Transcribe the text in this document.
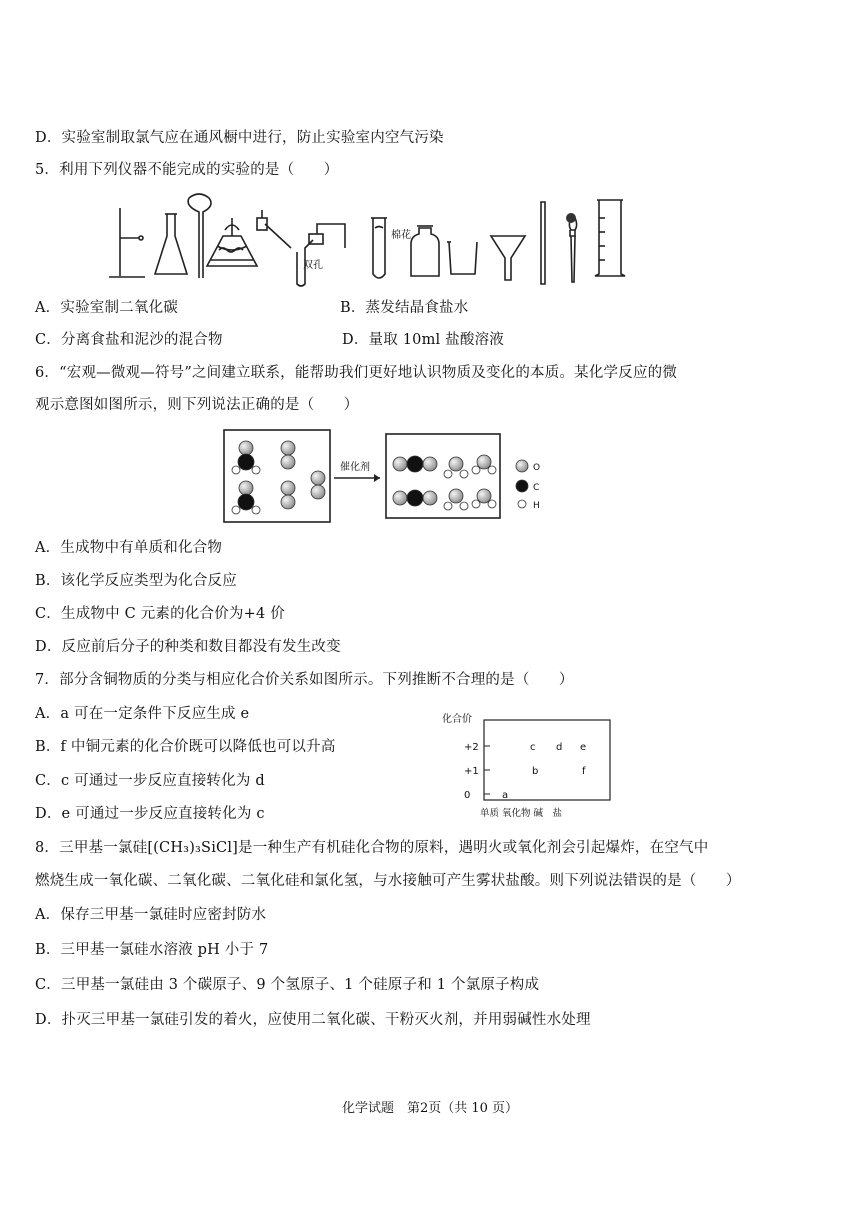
D．实验室制取氯气应在通风橱中进行，防止实验室内空气污染
5．利用下列仪器不能完成的实验的是（　　）
棉花
双孔
A．实验室制二氧化碳	B．蒸发结晶食盐水
C．分离食盐和泥沙的混合物	D．量取 10ml 盐酸溶液
6．“宏观—微观—符号”之间建立联系，能帮助我们更好地认识物质及变化的本质。某化学反应的微
观示意图如图所示，则下列说法正确的是（　　）
催化剂	O
C
H
A．生成物中有单质和化合物
B．该化学反应类型为化合反应
C．生成物中 C 元素的化合价为+4 价
D．反应前后分子的种类和数目都没有发生改变
7．部分含铜物质的分类与相应化合价关系如图所示。下列推断不合理的是（　　）
A．a 可在一定条件下反应生成 e
B．f 中铜元素的化合价既可以降低也可以升高
C．c 可通过一步反应直接转化为 d
D．e 可通过一步反应直接转化为 c
化合价
+2
+1
0	a
b
c d e
f
单质 氧化物 碱　盐
8．三甲基一氯硅[(CH₃)₃SiCl]是一种生产有机硅化合物的原料，遇明火或氧化剂会引起爆炸，在空气中
燃烧生成一氧化碳、二氧化碳、二氧化硅和氯化氢，与水接触可产生雾状盐酸。则下列说法错误的是（　　）
A．保存三甲基一氯硅时应密封防水
B．三甲基一氯硅水溶液 pH 小于 7
C．三甲基一氯硅由 3 个碳原子、9 个氢原子、1 个硅原子和 1 个氯原子构成
D．扑灭三甲基一氯硅引发的着火，应使用二氧化碳、干粉灭火剂，并用弱碱性水处理
化学试题　第2页（共 10 页）
